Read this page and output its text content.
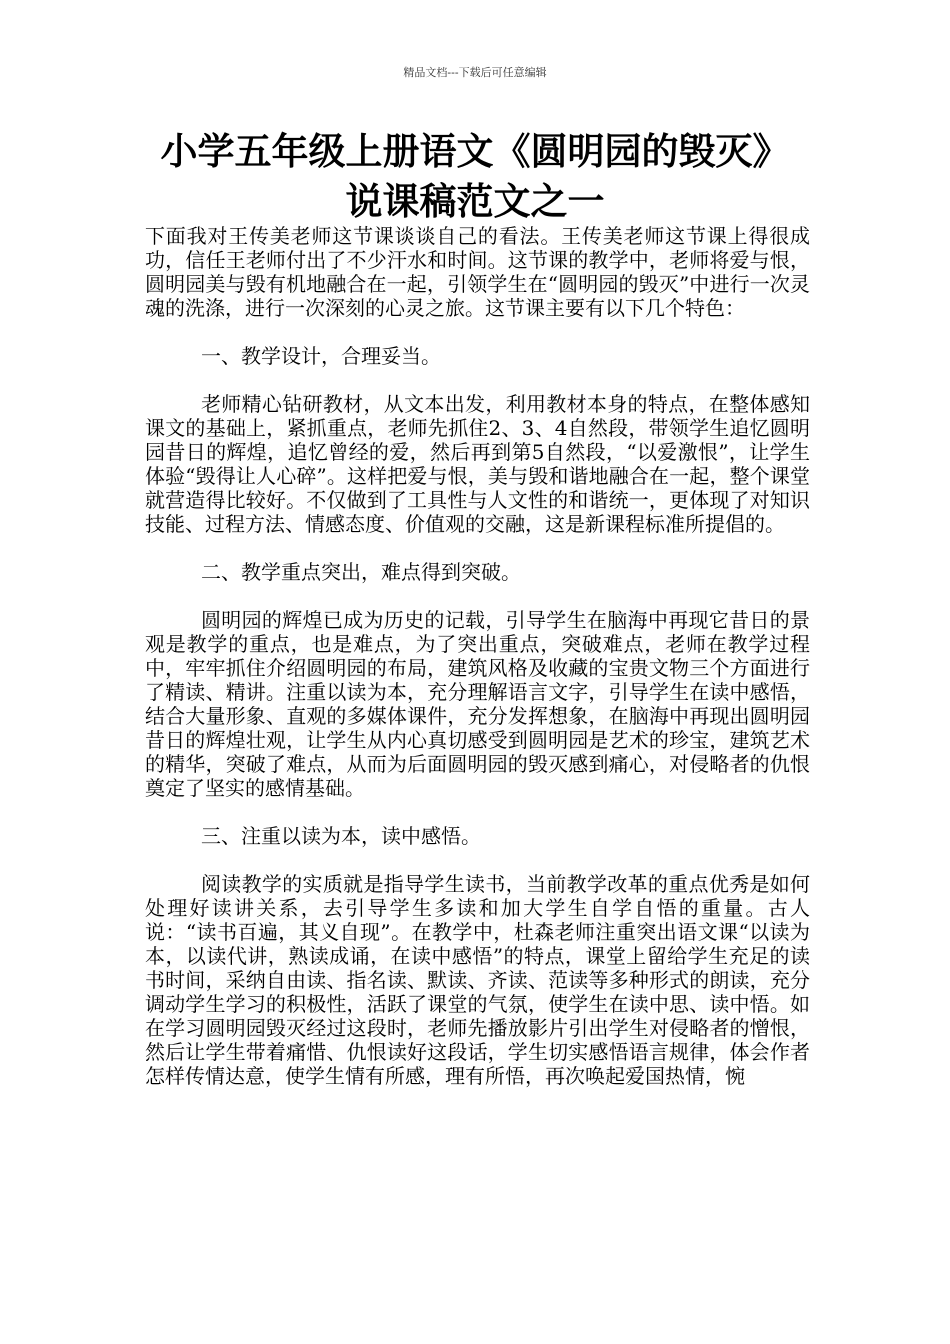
精品文档---下载后可任意编辑
小学五年级上册语文《圆明园的毁灭》
说课稿范文之一

下面我对王传美老师这节课谈谈自己的看法。王传美老师这节课上得很成功，信任王老师付出了不少汗水和时间。这节课的教学中，老师将爱与恨，圆明园美与毁有机地融合在一起，引领学生在“圆明园的毁灭”中进行一次灵魂的洗涤，进行一次深刻的心灵之旅。这节课主要有以下几个特色：

一、教学设计，合理妥当。

老师精心钻研教材，从文本出发，利用教材本身的特点，在整体感知课文的基础上，紧抓重点，老师先抓住2、3、4自然段，带领学生追忆圆明园昔日的辉煌，追忆曾经的爱，然后再到第5自然段，“以爱激恨”，让学生体验“毁得让人心碎”。这样把爱与恨，美与毁和谐地融合在一起，整个课堂就营造得比较好。不仅做到了工具性与人文性的和谐统一，更体现了对知识技能、过程方法、情感态度、价值观的交融，这是新课程标准所提倡的。

二、教学重点突出，难点得到突破。

圆明园的辉煌已成为历史的记载，引导学生在脑海中再现它昔日的景观是教学的重点，也是难点，为了突出重点，突破难点，老师在教学过程中，牢牢抓住介绍圆明园的布局，建筑风格及收藏的宝贵文物三个方面进行了精读、精讲。注重以读为本，充分理解语言文字，引导学生在读中感悟，结合大量形象、直观的多媒体课件，充分发挥想象，在脑海中再现出圆明园昔日的辉煌壮观，让学生从内心真切感受到圆明园是艺术的珍宝，建筑艺术的精华，突破了难点，从而为后面圆明园的毁灭感到痛心，对侵略者的仇恨奠定了坚实的感情基础。

三、注重以读为本，读中感悟。

阅读教学的实质就是指导学生读书，当前教学改革的重点优秀是如何处理好读讲关系，去引导学生多读和加大学生自学自悟的重量。古人说：“读书百遍，其义自现”。在教学中，杜森老师注重突出语文课“以读为本，以读代讲，熟读成诵，在读中感悟”的特点，课堂上留给学生充足的读书时间，采纳自由读、指名读、默读、齐读、范读等多种形式的朗读，充分调动学生学习的积极性，活跃了课堂的气氛，使学生在读中思、读中悟。如在学习圆明园毁灭经过这段时，老师先播放影片引出学生对侵略者的憎恨，然后让学生带着痛惜、仇恨读好这段话，学生切实感悟语言规律，体会作者怎样传情达意，使学生情有所感，理有所悟，再次唤起爱国热情，惋
